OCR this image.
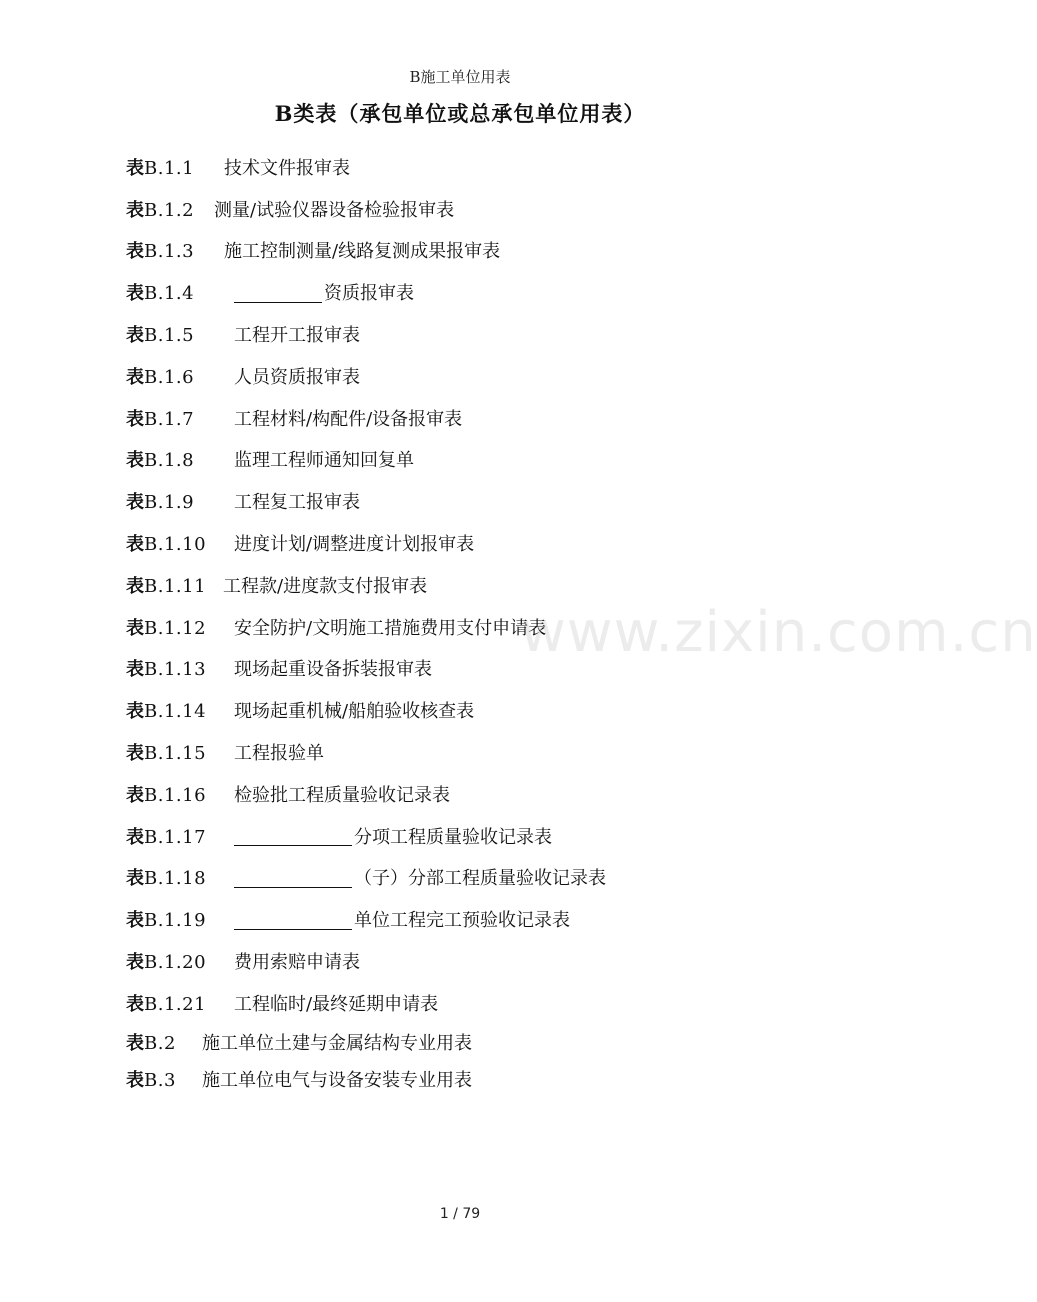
B施工单位用表
B类表（承包单位或总承包单位用表）
表B.1.1	技术文件报审表
表B.1.2	测量/试验仪器设备检验报审表
表B.1.3	施工控制测量/线路复测成果报审表
表B.1.4	资质报审表
表B.1.5	工程开工报审表
表B.1.6	人员资质报审表
表B.1.7	工程材料/构配件/设备报审表
表B.1.8	监理工程师通知回复单
表B.1.9	工程复工报审表
表B.1.10	进度计划/调整进度计划报审表
表B.1.11 工程款/进度款支付报审表
表B.1.12	安全防护/文明施工措施费用支付申请表
表B.1.13	现场起重设备拆装报审表
表B.1.14	现场起重机械/船舶验收核查表
表B.1.15	工程报验单
表B.1.16	检验批工程质量验收记录表
表B.1.17	分项工程质量验收记录表
表B.1.18	（子）分部工程质量验收记录表
表B.1.19	单位工程完工预验收记录表
表B.1.20	费用索赔申请表
表B.1.21	工程临时/最终延期申请表
表B.2	施工单位土建与金属结构专业用表
表B.3	施工单位电气与设备安装专业用表
www.zixin.com.cn
1 / 79
